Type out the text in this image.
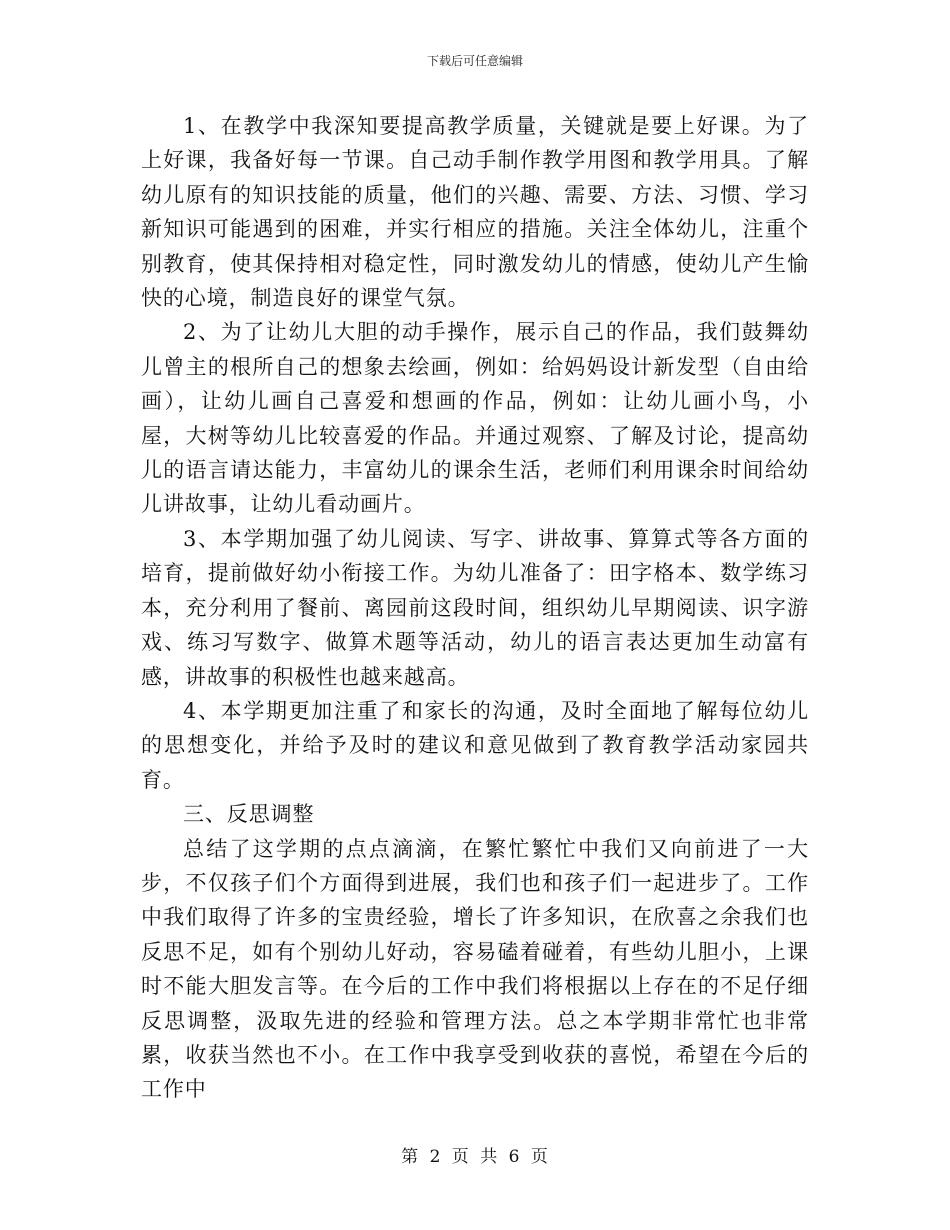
下载后可任意编辑

1、在教学中我深知要提高教学质量，关键就是要上好课。为了上好课，我备好每一节课。自己动手制作教学用图和教学用具。了解幼儿原有的知识技能的质量，他们的兴趣、需要、方法、习惯、学习新知识可能遇到的困难，并实行相应的措施。关注全体幼儿，注重个别教育，使其保持相对稳定性，同时激发幼儿的情感，使幼儿产生愉快的心境，制造良好的课堂气氛。

2、为了让幼儿大胆的动手操作，展示自己的作品，我们鼓舞幼儿曾主的根所自己的想象去绘画，例如：给妈妈设计新发型（自由给画），让幼儿画自己喜爱和想画的作品，例如：让幼儿画小鸟，小屋，大树等幼儿比较喜爱的作品。并通过观察、了解及讨论，提高幼儿的语言请达能力，丰富幼儿的课余生活，老师们利用课余时间给幼儿讲故事，让幼儿看动画片。

3、本学期加强了幼儿阅读、写字、讲故事、算算式等各方面的培育，提前做好幼小衔接工作。为幼儿准备了：田字格本、数学练习本，充分利用了餐前、离园前这段时间，组织幼儿早期阅读、识字游戏、练习写数字、做算术题等活动，幼儿的语言表达更加生动富有感，讲故事的积极性也越来越高。

4、本学期更加注重了和家长的沟通，及时全面地了解每位幼儿的思想变化，并给予及时的建议和意见做到了教育教学活动家园共育。

三、反思调整

总结了这学期的点点滴滴，在繁忙繁忙中我们又向前进了一大步，不仅孩子们个方面得到进展，我们也和孩子们一起进步了。工作中我们取得了许多的宝贵经验，增长了许多知识，在欣喜之余我们也反思不足，如有个别幼儿好动，容易磕着碰着，有些幼儿胆小，上课时不能大胆发言等。在今后的工作中我们将根据以上存在的不足仔细反思调整，汲取先进的经验和管理方法。总之本学期非常忙也非常累，收获当然也不小。在工作中我享受到收获的喜悦，希望在今后的工作中

第 2 页 共 6 页
